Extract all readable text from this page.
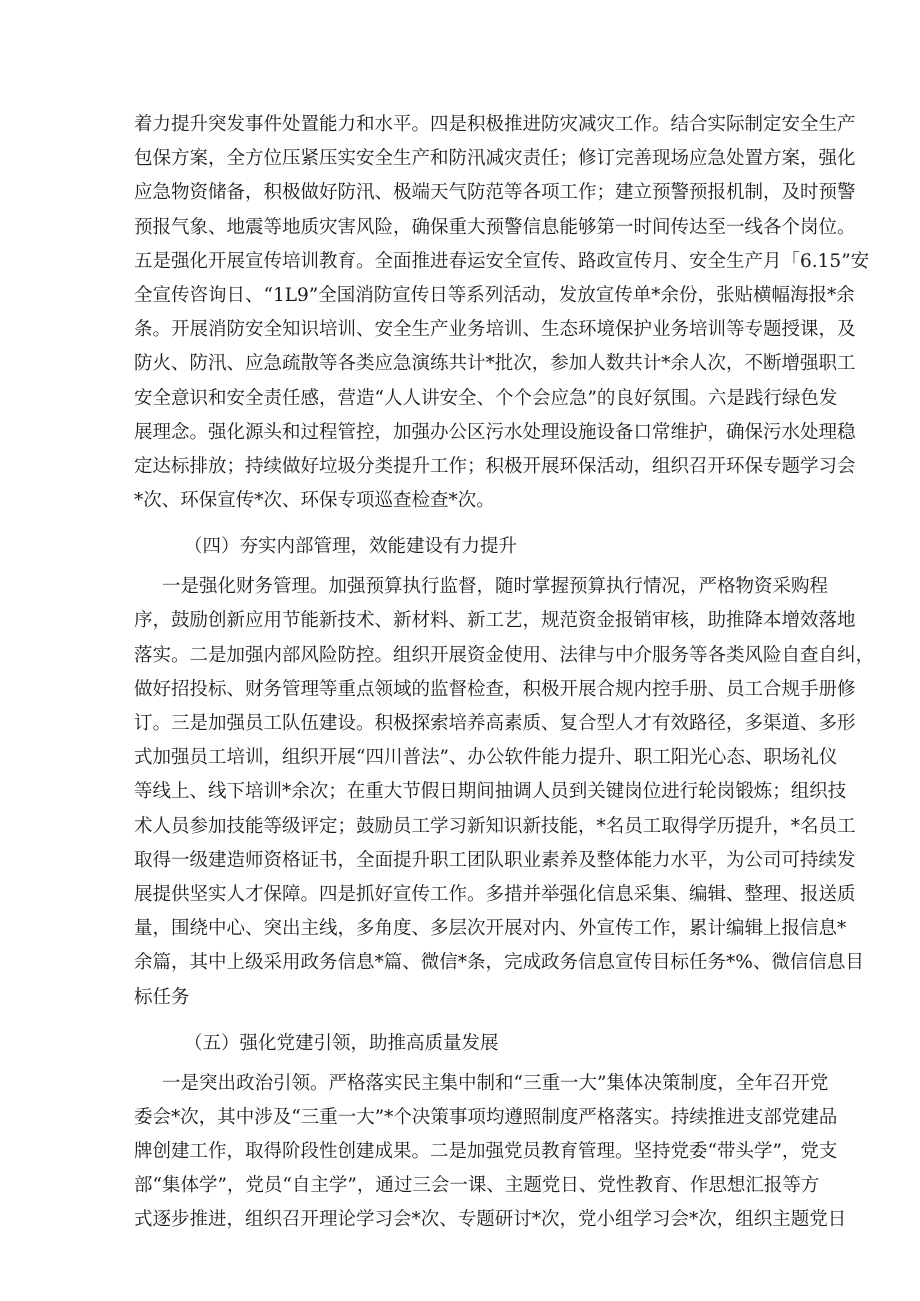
着力提升突发事件处置能力和水平。四是积极推进防灾减灾工作。结合实际制定安全生产
包保方案，全方位压紧压实安全生产和防汛减灾责任；修订完善现场应急处置方案，强化
应急物资储备，积极做好防汛、极端天气防范等各项工作；建立预警预报机制，及时预警
预报气象、地震等地质灾害风险，确保重大预警信息能够第一时间传达至一线各个岗位。
五是强化开展宣传培训教育。全面推进春运安全宣传、路政宣传月、安全生产月「6.15”安
全宣传咨询日、“1L9”全国消防宣传日等系列活动，发放宣传单*余份，张贴横幅海报*余
条。开展消防安全知识培训、安全生产业务培训、生态环境保护业务培训等专题授课，及
防火、防汛、应急疏散等各类应急演练共计*批次，参加人数共计*余人次，不断增强职工
安全意识和安全责任感，营造“人人讲安全、个个会应急”的良好氛围。六是践行绿色发
展理念。强化源头和过程管控，加强办公区污水处理设施设备口常维护，确保污水处理稳
定达标排放；持续做好垃圾分类提升工作；积极开展环保活动，组织召开环保专题学习会
*次、环保宣传*次、环保专项巡查检查*次。
（四）夯实内部管理，效能建设有力提升
一是强化财务管理。加强预算执行监督，随时掌握预算执行情况，严格物资采购程
序，鼓励创新应用节能新技术、新材料、新工艺，规范资金报销审核，助推降本增效落地
落实。二是加强内部风险防控。组织开展资金使用、法律与中介服务等各类风险自查自纠，
做好招投标、财务管理等重点领域的监督检查，积极开展合规内控手册、员工合规手册修
订。三是加强员工队伍建设。积极探索培养高素质、复合型人才有效路径，多渠道、多形
式加强员工培训，组织开展“四川普法”、办公软件能力提升、职工阳光心态、职场礼仪
等线上、线下培训*余次；在重大节假日期间抽调人员到关键岗位进行轮岗锻炼；组织技
术人员参加技能等级评定；鼓励员工学习新知识新技能，*名员工取得学历提升，*名员工
取得一级建造师资格证书，全面提升职工团队职业素养及整体能力水平，为公司可持续发
展提供坚实人才保障。四是抓好宣传工作。多措并举强化信息采集、编辑、整理、报送质
量，围绕中心、突出主线，多角度、多层次开展对内、外宣传工作，累计编辑上报信息*
余篇，其中上级采用政务信息*篇、微信*条，完成政务信息宣传目标任务*%、微信信息目
标任务
（五）强化党建引领，助推高质量发展
一是突出政治引领。严格落实民主集中制和“三重一大”集体决策制度，全年召开党
委会*次，其中涉及“三重一大”*个决策事项均遵照制度严格落实。持续推进支部党建品
牌创建工作，取得阶段性创建成果。二是加强党员教育管理。坚持党委“带头学”，党支
部“集体学”，党员“自主学”，通过三会一课、主题党日、党性教育、作思想汇报等方
式逐步推进，组织召开理论学习会*次、专题研讨*次，党小组学习会*次，组织主题党日
